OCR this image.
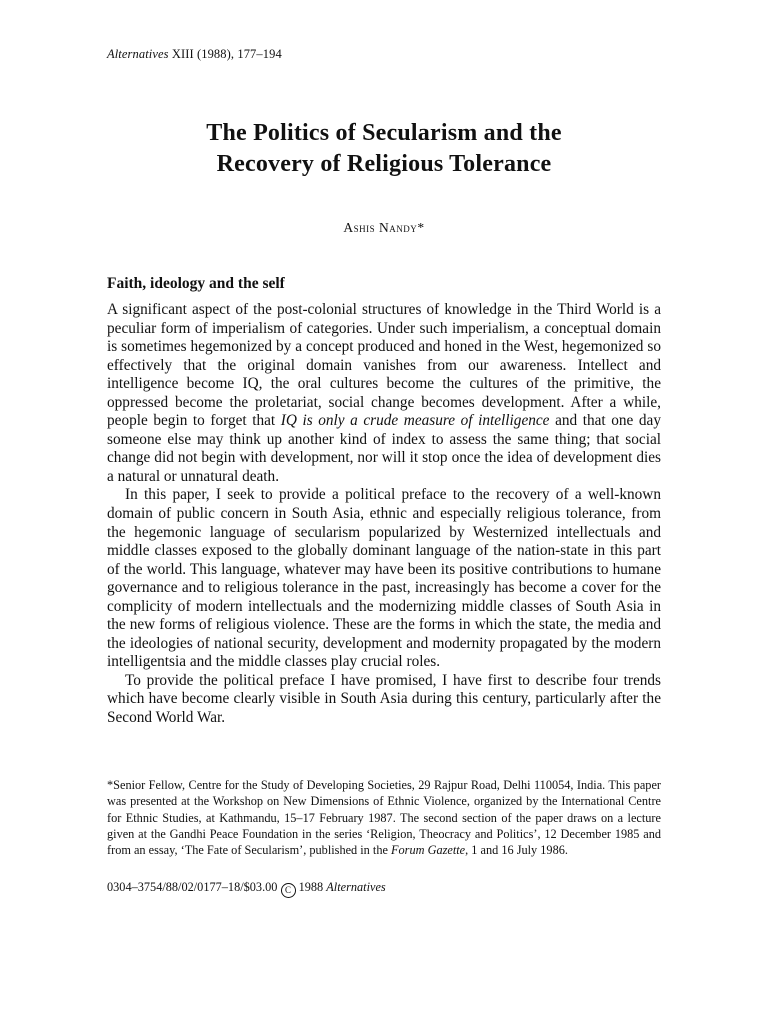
Alternatives XIII (1988), 177–194
The Politics of Secularism and the
Recovery of Religious Tolerance
Ashis Nandy*
Faith, ideology and the self

A significant aspect of the post-colonial structures of knowledge in the Third World is a peculiar form of imperialism of categories. Under such imperialism, a conceptual domain is sometimes hegemonized by a concept produced and honed in the West, hegemonized so effectively that the original domain vanishes from our awareness. Intellect and intelligence become IQ, the oral cultures become the cultures of the primitive, the oppressed become the proletariat, social change becomes development. After a while, people begin to forget that IQ is only a crude measure of intelligence and that one day someone else may think up another kind of index to assess the same thing; that social change did not begin with development, nor will it stop once the idea of development dies a natural or unnatural death.

In this paper, I seek to provide a political preface to the recovery of a well-known domain of public concern in South Asia, ethnic and especially religious tolerance, from the hegemonic language of secularism popularized by Westernized intellectuals and middle classes exposed to the globally dominant language of the nation-state in this part of the world. This language, whatever may have been its positive contributions to humane governance and to religious tolerance in the past, increasingly has become a cover for the complicity of modern intellectuals and the modernizing middle classes of South Asia in the new forms of religious violence. These are the forms in which the state, the media and the ideologies of national security, development and modernity propagated by the modern intelligentsia and the middle classes play crucial roles.

To provide the political preface I have promised, I have first to describe four trends which have become clearly visible in South Asia during this century, particularly after the Second World War.

*Senior Fellow, Centre for the Study of Developing Societies, 29 Rajpur Road, Delhi 110054, India. This paper was presented at the Workshop on New Dimensions of Ethnic Violence, organized by the International Centre for Ethnic Studies, at Kathmandu, 15–17 February 1987. The second section of the paper draws on a lecture given at the Gandhi Peace Foundation in the series ‘Religion, Theocracy and Politics’, 12 December 1985 and from an essay, ‘The Fate of Secularism’, published in the Forum Gazette, 1 and 16 July 1986.

0304–3754/88/02/0177–18/$03.00 C 1988 Alternatives
